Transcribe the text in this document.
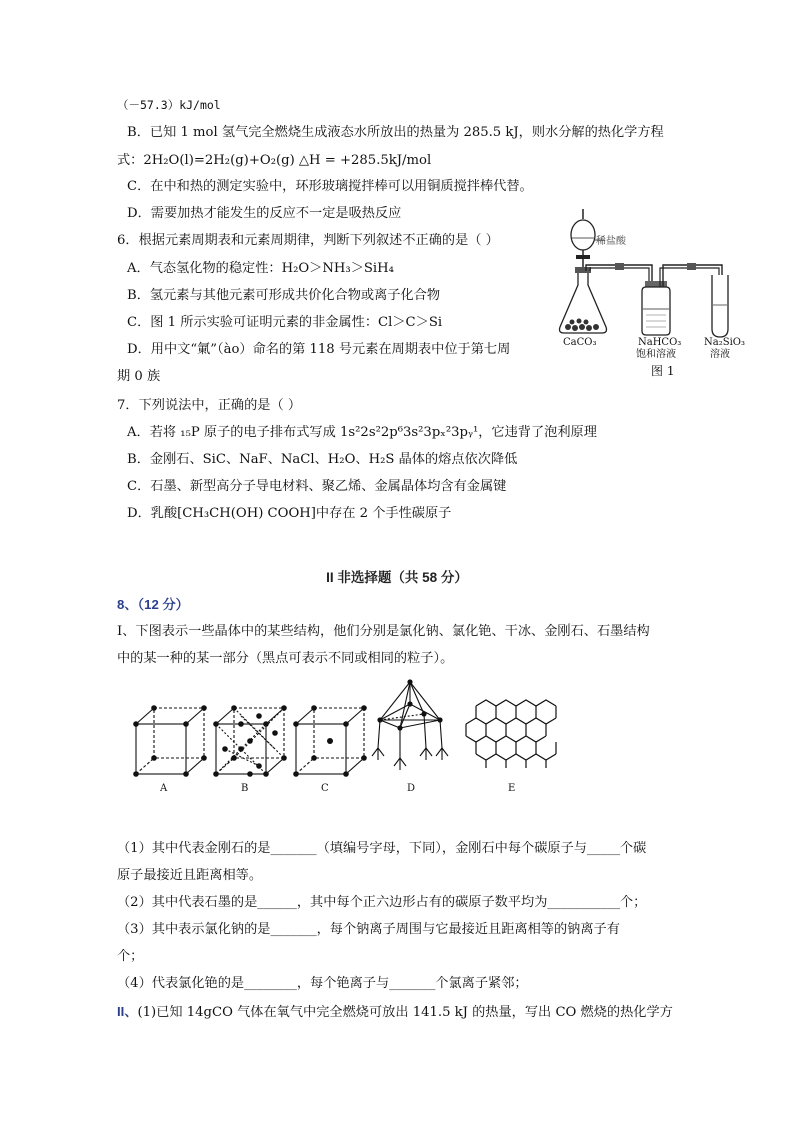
（－57.3）kJ/mol
B．已知 1 mol 氢气完全燃烧生成液态水所放出的热量为 285.5 kJ，则水分解的热化学方程
式：2H₂O(l)=2H₂(g)+O₂(g) △H = +285.5kJ/mol
C．在中和热的测定实验中，环形玻璃搅拌棒可以用铜质搅拌棒代替。
D．需要加热才能发生的反应不一定是吸热反应
6．根据元素周期表和元素周期律，判断下列叙述不正确的是（ ）
A．气态氢化物的稳定性：H₂O＞NH₃＞SiH₄
B．氢元素与其他元素可形成共价化合物或离子化合物
C．图 1 所示实验可证明元素的非金属性：Cl＞C＞Si
D．用中文“氭”（ào）命名的第 118 号元素在周期表中位于第七周
期 0 族
稀盐酸
CaCO₃	NaHCO₃
饱和溶液
Na₂SiO₃
溶液
图 1
7．下列说法中，正确的是（ ）
A．若将 ₁₅P 原子的电子排布式写成 1s²2s²2p⁶3s²3pₓ²3pᵧ¹，它违背了泡利原理
B．金刚石、SiC、NaF、NaCl、H₂O、H₂S 晶体的熔点依次降低
C．石墨、新型高分子导电材料、聚乙烯、金属晶体均含有金属键
D．乳酸[CH₃CH(OH) COOH]中存在 2 个手性碳原子
II 非选择题（共 58 分）
8、（12 分）
I、下图表示一些晶体中的某些结构，他们分别是氯化钠、氯化铯、干冰、金刚石、石墨结构
中的某一种的某一部分（黑点可表示不同或相同的粒子）。
A	B	C	D	E
（1）其中代表金刚石的是_______（填编号字母，下同），金刚石中每个碳原子与_____个碳
原子最接近且距离相等。
（2）其中代表石墨的是______，其中每个正六边形占有的碳原子数平均为___________个；
（3）其中表示氯化钠的是_______，每个钠离子周围与它最接近且距离相等的钠离子有
个；
（4）代表氯化铯的是________，每个铯离子与_______个氯离子紧邻；
II、(1)已知 14gCO 气体在氧气中完全燃烧可放出 141.5 kJ 的热量，写出 CO 燃烧的热化学方
